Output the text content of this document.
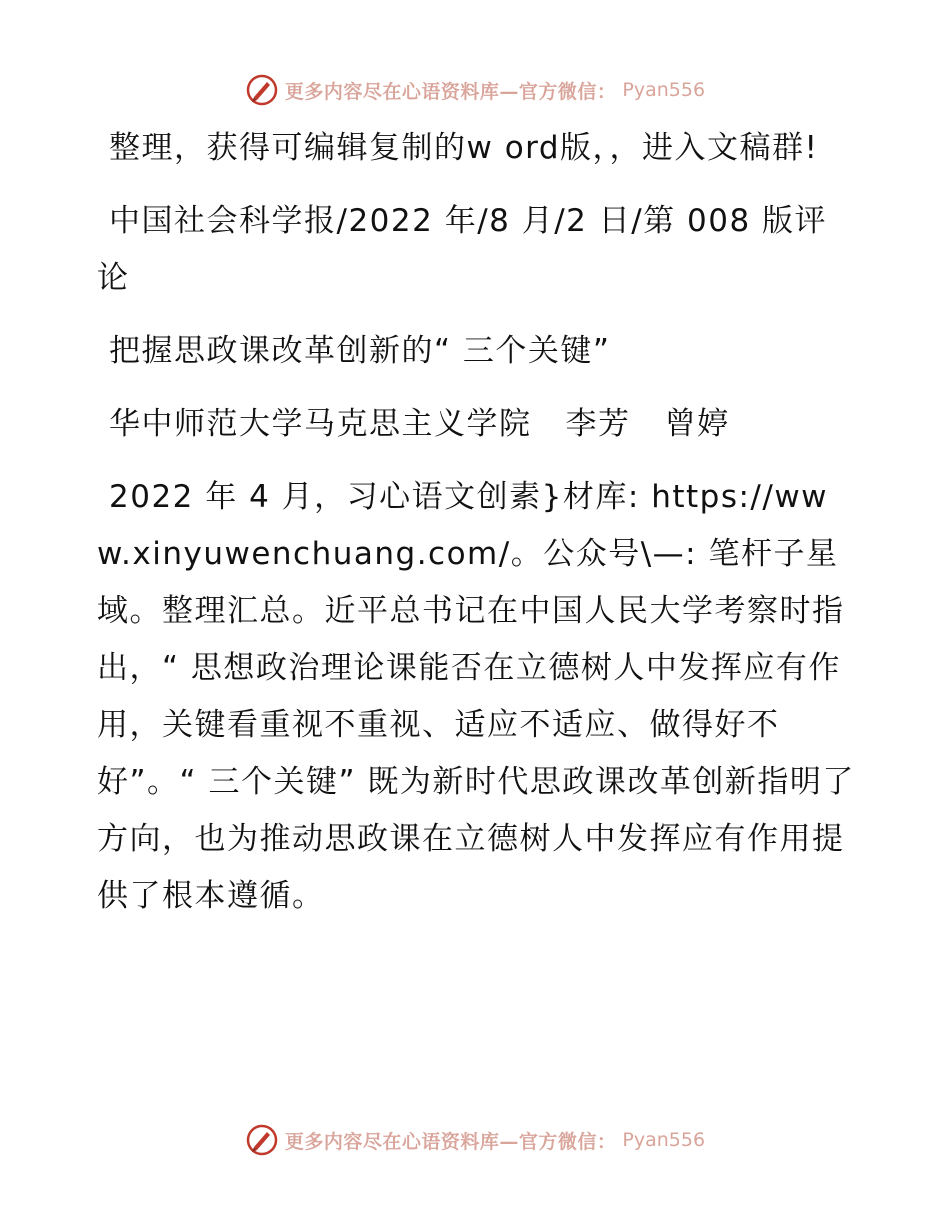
更多内容尽在心语资料库—官方微信： Pyan556

整理，获得可编辑复制的w ord版，，进入文稿群!

中国社会科学报/2022 年/8 月/2 日/第 008 版评论

把握思政课改革创新的“ 三个关键”

华中师范大学马克思主义学院   李芳   曾婷

2022 年 4 月，习心语文创素}材库: https://www.xinyuwenchuang.com/。公众号\—: 笔杆子星域。整理汇总。近平总书记在中国人民大学考察时指出，“ 思想政治理论课能否在立德树人中发挥应有作用，关键看重视不重视、适应不适应、做得好不好”。“ 三个关键” 既为新时代思政课改革创新指明了方向，也为推动思政课在立德树人中发挥应有作用提供了根本遵循。

更多内容尽在心语资料库—官方微信： Pyan556
